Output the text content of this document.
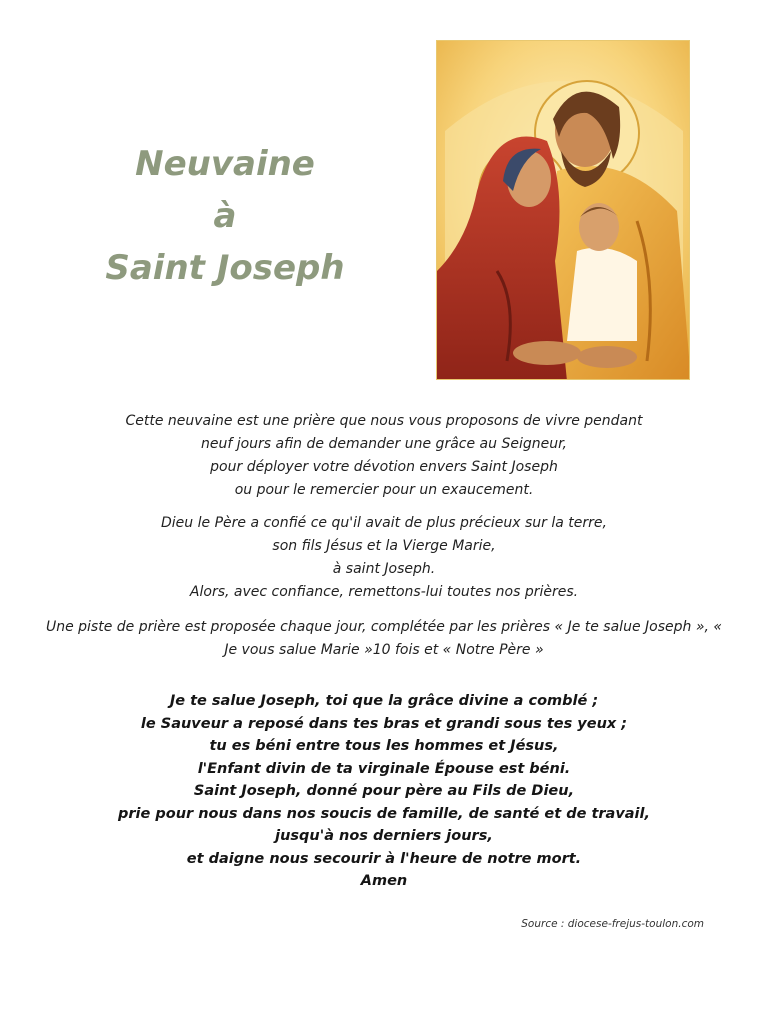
Neuvaine
à
Saint Joseph
Cette neuvaine est une prière que nous vous proposons de vivre pendant
neuf jours afin de demander une grâce au Seigneur,
pour déployer votre dévotion envers Saint Joseph
ou pour le remercier pour un exaucement.
Dieu le Père a confié ce qu'il avait de plus précieux sur la terre,
son fils Jésus et la Vierge Marie,
à saint Joseph.
Alors, avec confiance, remettons-lui toutes nos prières.
Une piste de prière est proposée chaque jour, complétée par les prières « Je te salue Joseph », « Je vous salue Marie »10 fois et « Notre Père »
Je te salue Joseph, toi que la grâce divine a comblé ;
le Sauveur a reposé dans tes bras et grandi sous tes yeux ;
tu es béni entre tous les hommes et Jésus,
l'Enfant divin de ta virginale Épouse est béni.
Saint Joseph, donné pour père au Fils de Dieu,
prie pour nous dans nos soucis de famille, de santé et de travail,
jusqu'à nos derniers jours,
et daigne nous secourir à l'heure de notre mort.
Amen
Source : diocese-frejus-toulon.com
